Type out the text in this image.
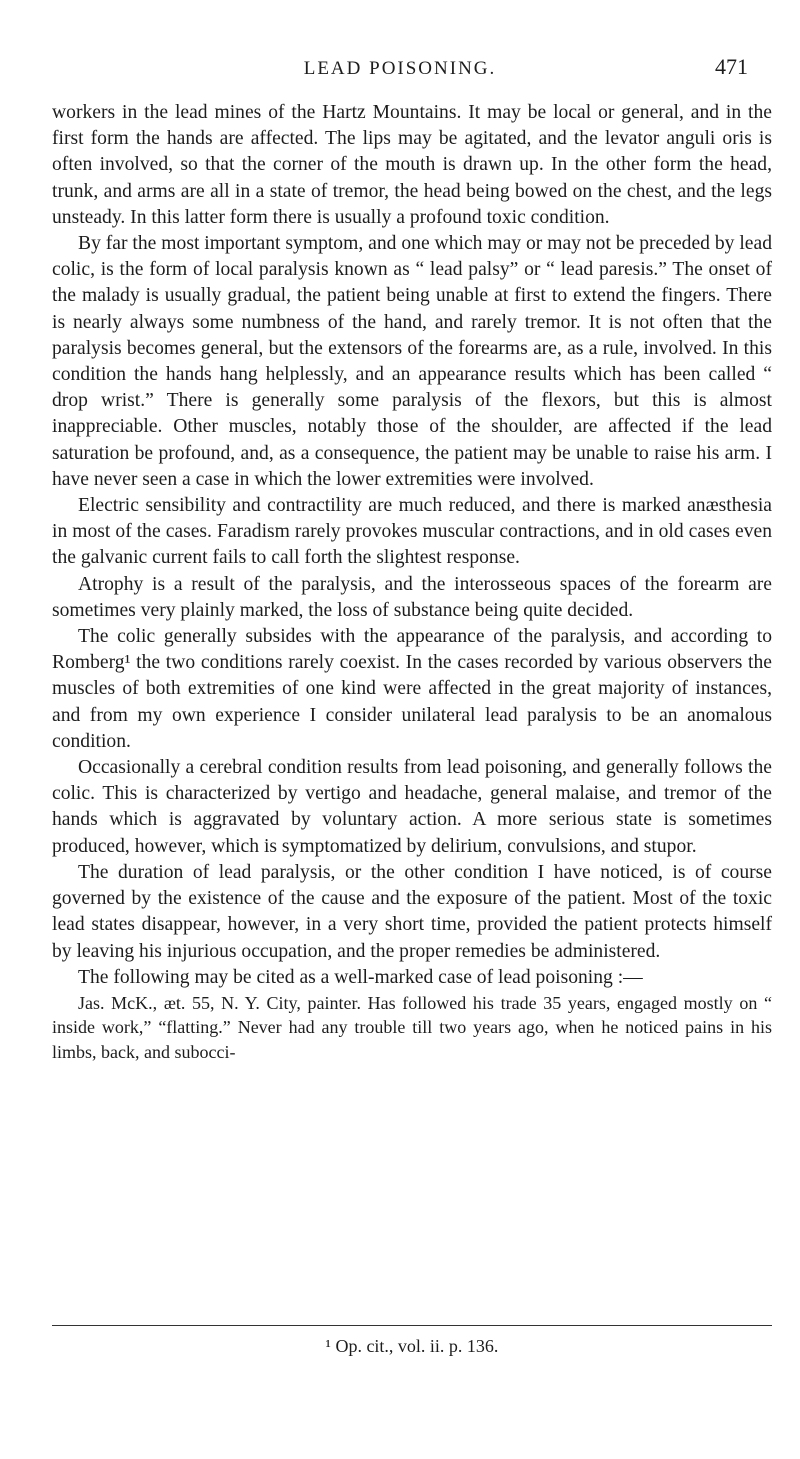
LEAD POISONING.	471

workers in the lead mines of the Hartz Mountains. It may be local or general, and in the first form the hands are affected. The lips may be agitated, and the levator anguli oris is often involved, so that the corner of the mouth is drawn up. In the other form the head, trunk, and arms are all in a state of tremor, the head being bowed on the chest, and the legs unsteady. In this latter form there is usually a profound toxic condition.

By far the most important symptom, and one which may or may not be preceded by lead colic, is the form of local paralysis known as “ lead palsy” or “ lead paresis.” The onset of the malady is usually gradual, the patient being unable at first to extend the fingers. There is nearly always some numbness of the hand, and rarely tremor. It is not often that the paralysis becomes general, but the extensors of the forearms are, as a rule, involved. In this condition the hands hang helplessly, and an appearance results which has been called “ drop wrist.” There is generally some paralysis of the flexors, but this is almost inappreciable. Other muscles, notably those of the shoulder, are affected if the lead saturation be profound, and, as a consequence, the patient may be unable to raise his arm. I have never seen a case in which the lower extremities were involved.

Electric sensibility and contractility are much reduced, and there is marked anæsthesia in most of the cases. Faradism rarely provokes muscular contractions, and in old cases even the galvanic current fails to call forth the slightest response.

Atrophy is a result of the paralysis, and the interosseous spaces of the forearm are sometimes very plainly marked, the loss of substance being quite decided.

The colic generally subsides with the appearance of the paralysis, and according to Romberg¹ the two conditions rarely coexist. In the cases recorded by various observers the muscles of both extremities of one kind were affected in the great majority of instances, and from my own experience I consider unilateral lead paralysis to be an anomalous condition.

Occasionally a cerebral condition results from lead poisoning, and generally follows the colic. This is characterized by vertigo and headache, general malaise, and tremor of the hands which is aggravated by voluntary action. A more serious state is sometimes produced, however, which is symptomatized by delirium, convulsions, and stupor.

The duration of lead paralysis, or the other condition I have noticed, is of course governed by the existence of the cause and the exposure of the patient. Most of the toxic lead states disappear, however, in a very short time, provided the patient protects himself by leaving his injurious occupation, and the proper remedies be administered.

The following may be cited as a well-marked case of lead poisoning :—

Jas. McK., æt. 55, N. Y. City, painter. Has followed his trade 35 years, engaged mostly on “ inside work,” “flatting.” Never had any trouble till two years ago, when he noticed pains in his limbs, back, and subocci-

¹ Op. cit., vol. ii. p. 136.
